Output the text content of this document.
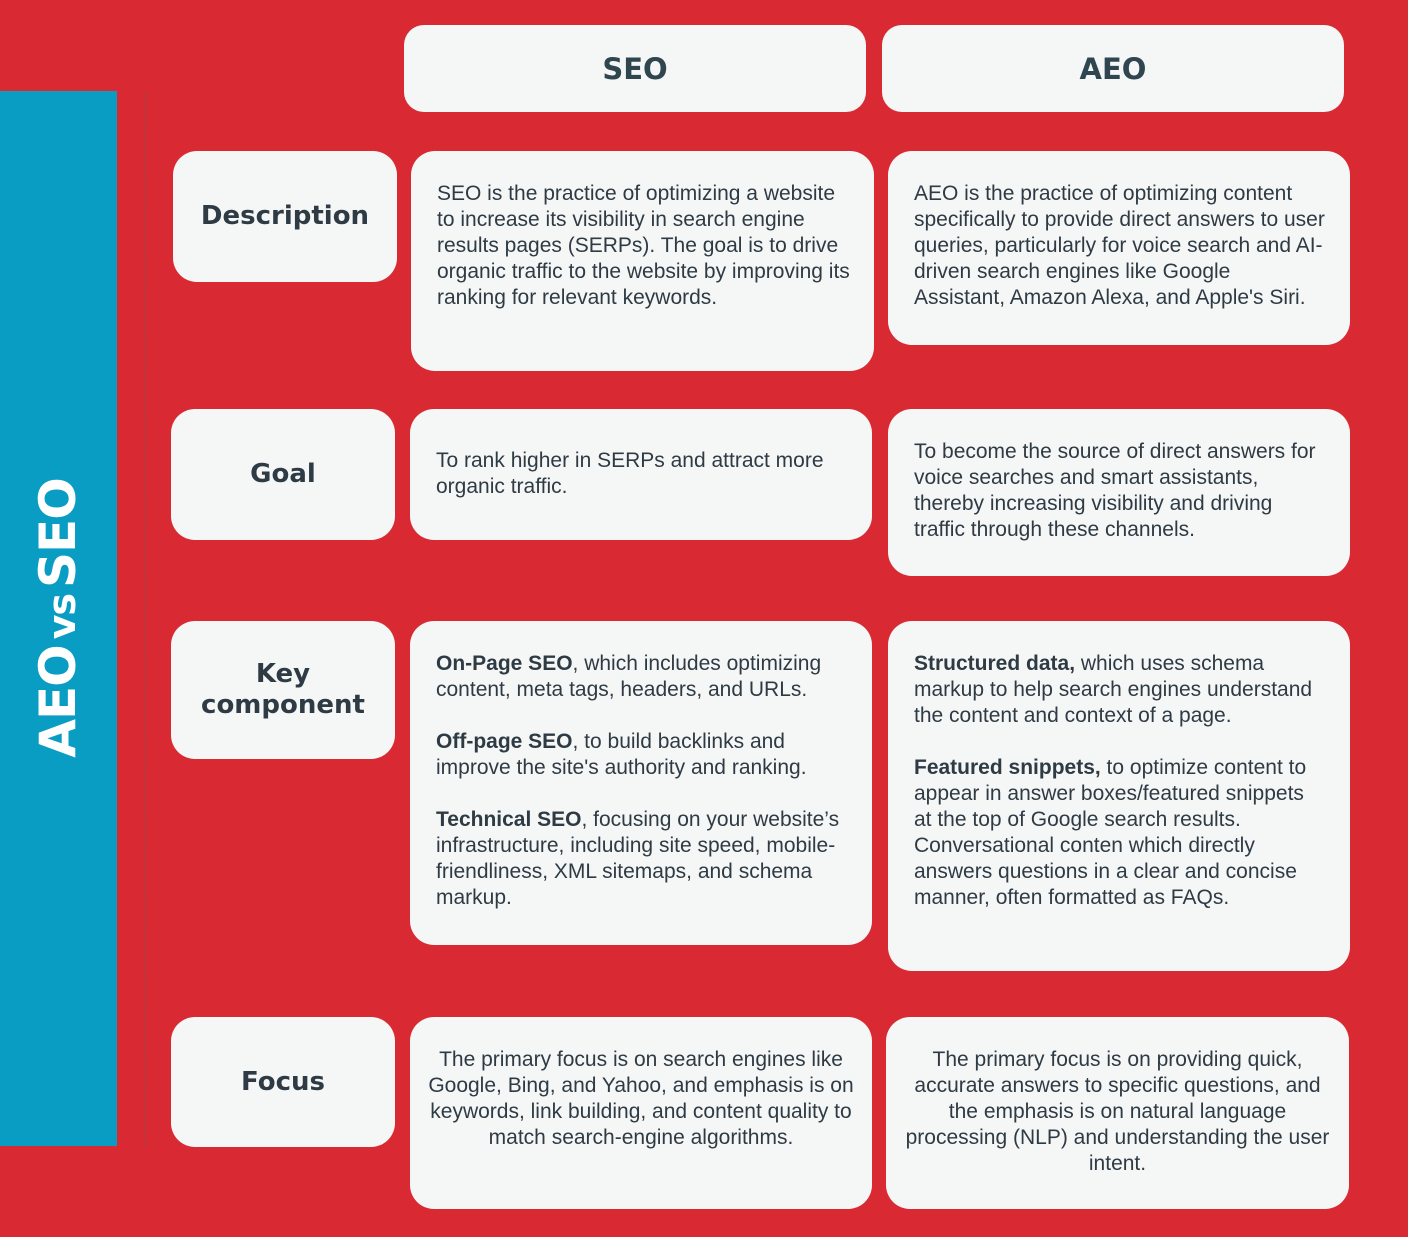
AEOvsSEO
SEO	AEO
Description
SEO is the practice of optimizing a website to increase its visibility in search engine results pages (SERPs). The goal is to drive organic traffic to the website by improving its ranking for relevant keywords.
AEO is the practice of optimizing content specifically to provide direct answers to user queries, particularly for voice search and AI-driven search engines like Google Assistant, Amazon Alexa, and Apple's Siri.
Goal	To rank higher in SERPs and attract more organic traffic.
To become the source of direct answers for voice searches and smart assistants, thereby increasing visibility and driving traffic through these channels.
Key
component
On-Page SEO, which includes optimizing content, meta tags, headers, and URLs.
Off-page SEO, to build backlinks and improve the site's authority and ranking.
Technical SEO, focusing on your website’s infrastructure, including site speed, mobile-friendliness, XML sitemaps, and schema markup.
Structured data, which uses schema markup to help search engines understand the content and context of a page.
Featured snippets, to optimize content to appear in answer boxes/featured snippets at the top of Google search results. Conversational conten which directly answers questions in a clear and concise manner, often formatted as FAQs.
Focus
The primary focus is on search engines like Google, Bing, and Yahoo, and emphasis is on keywords, link building, and content quality to match search-engine algorithms.
The primary focus is on providing quick, accurate answers to specific questions, and the emphasis is on natural language processing (NLP) and understanding the user intent.
